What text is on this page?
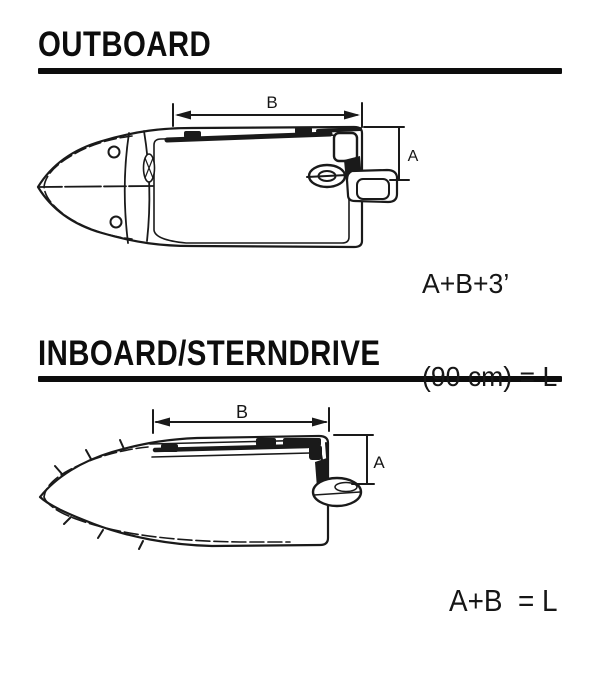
OUTBOARD
INBOARD/STERNDRIVE

A+B+3’

(90 cm) = L

A+B  = L

B
A
B
A
